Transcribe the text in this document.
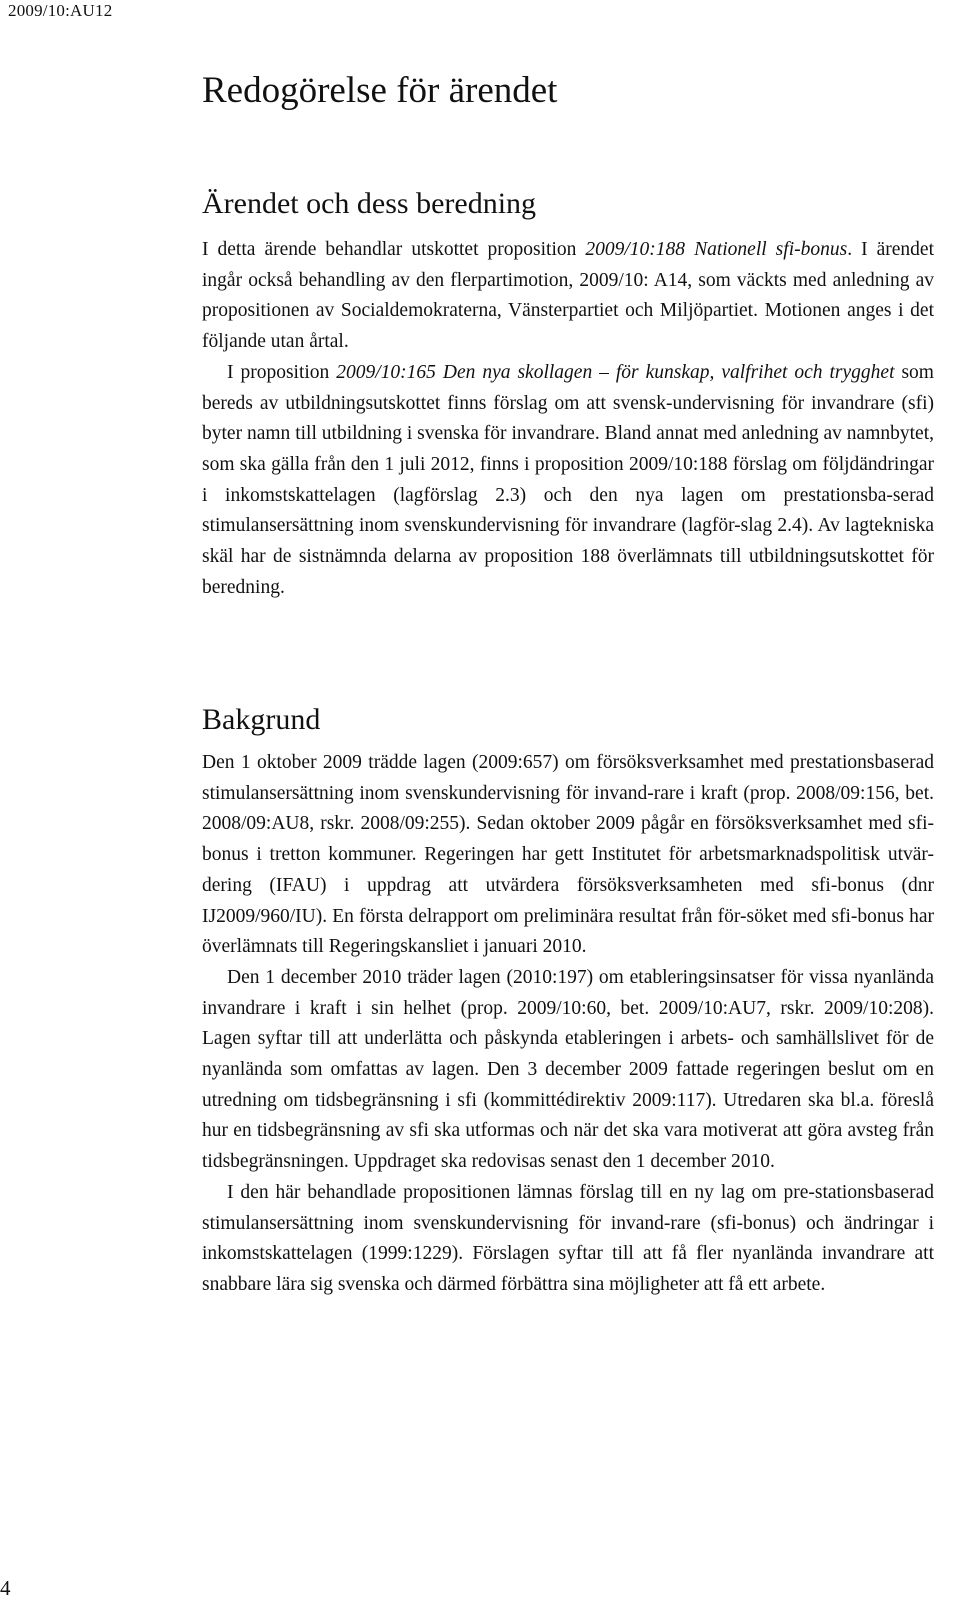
2009/10:AU12
Redogörelse för ärendet
Ärendet och dess beredning

I detta ärende behandlar utskottet proposition 2009/10:188 Nationell sfi-bonus. I ärendet ingår också behandling av den flerpartimotion, 2009/10: A14, som väckts med anledning av propositionen av Socialdemokraterna, Vänsterpartiet och Miljöpartiet. Motionen anges i det följande utan årtal.

I proposition 2009/10:165 Den nya skollagen – för kunskap, valfrihet och trygghet som bereds av utbildningsutskottet finns förslag om att svensk-undervisning för invandrare (sfi) byter namn till utbildning i svenska för invandrare. Bland annat med anledning av namnbytet, som ska gälla från den 1 juli 2012, finns i proposition 2009/10:188 förslag om följdändringar i inkomstskattelagen (lagförslag 2.3) och den nya lagen om prestationsba-serad stimulansersättning inom svenskundervisning för invandrare (lagför-slag 2.4). Av lagtekniska skäl har de sistnämnda delarna av proposition 188 överlämnats till utbildningsutskottet för beredning.

Bakgrund

Den 1 oktober 2009 trädde lagen (2009:657) om försöksverksamhet med prestationsbaserad stimulansersättning inom svenskundervisning för invand-rare i kraft (prop. 2008/09:156, bet. 2008/09:AU8, rskr. 2008/09:255). Sedan oktober 2009 pågår en försöksverksamhet med sfi-bonus i tretton kommuner. Regeringen har gett Institutet för arbetsmarknadspolitisk utvär-dering (IFAU) i uppdrag att utvärdera försöksverksamheten med sfi-bonus (dnr IJ2009/960/IU). En första delrapport om preliminära resultat från för-söket med sfi-bonus har överlämnats till Regeringskansliet i januari 2010.

Den 1 december 2010 träder lagen (2010:197) om etableringsinsatser för vissa nyanlända invandrare i kraft i sin helhet (prop. 2009/10:60, bet. 2009/10:AU7, rskr. 2009/10:208). Lagen syftar till att underlätta och påskynda etableringen i arbets- och samhällslivet för de nyanlända som omfattas av lagen. Den 3 december 2009 fattade regeringen beslut om en utredning om tidsbegränsning i sfi (kommittédirektiv 2009:117). Utredaren ska bl.a. föreslå hur en tidsbegränsning av sfi ska utformas och när det ska vara motiverat att göra avsteg från tidsbegränsningen. Uppdraget ska redovisas senast den 1 december 2010.

I den här behandlade propositionen lämnas förslag till en ny lag om pre-stationsbaserad stimulansersättning inom svenskundervisning för invand-rare (sfi-bonus) och ändringar i inkomstskattelagen (1999:1229). Förslagen syftar till att få fler nyanlända invandrare att snabbare lära sig svenska och därmed förbättra sina möjligheter att få ett arbete.

4
